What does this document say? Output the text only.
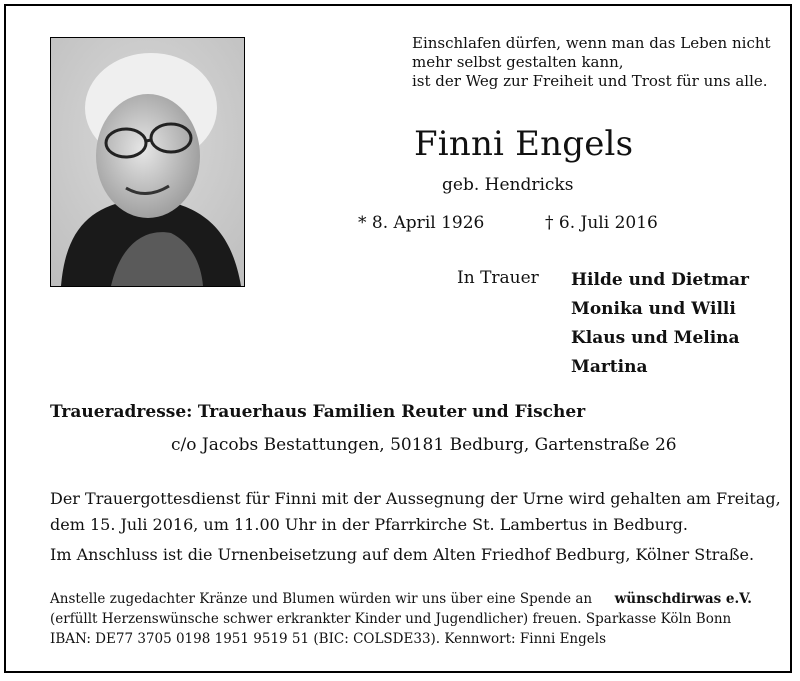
Einschlafen dürfen, wenn man das Leben nicht
mehr selbst gestalten kann,
ist der Weg zur Freiheit und Trost für uns alle.
Finni Engels
geb. Hendricks
* 8. April 1926	† 6. Juli 2016
In Trauer Hilde und Dietmar
Monika und Willi
Klaus und Melina
Martina
Traueradresse: Trauerhaus Familien Reuter und Fischer
c/o Jacobs Bestattungen, 50181 Bedburg, Gartenstraße 26
Der Trauergottesdienst für Finni mit der Aussegnung der Urne wird gehalten am Freitag,
dem 15. Juli 2016, um 11.00 Uhr in der Pfarrkirche St. Lambertus in Bedburg.
Im Anschluss ist die Urnenbeisetzung auf dem Alten Friedhof Bedburg, Kölner Straße.
Anstelle zugedachter Kränze und Blumen würden wir uns über eine Spende an wünschdirwas e.V.
(erfüllt Herzenswünsche schwer erkrankter Kinder und Jugendlicher) freuen. Sparkasse Köln Bonn
IBAN: DE77 3705 0198 1951 9519 51 (BIC: COLSDE33). Kennwort: Finni Engels
